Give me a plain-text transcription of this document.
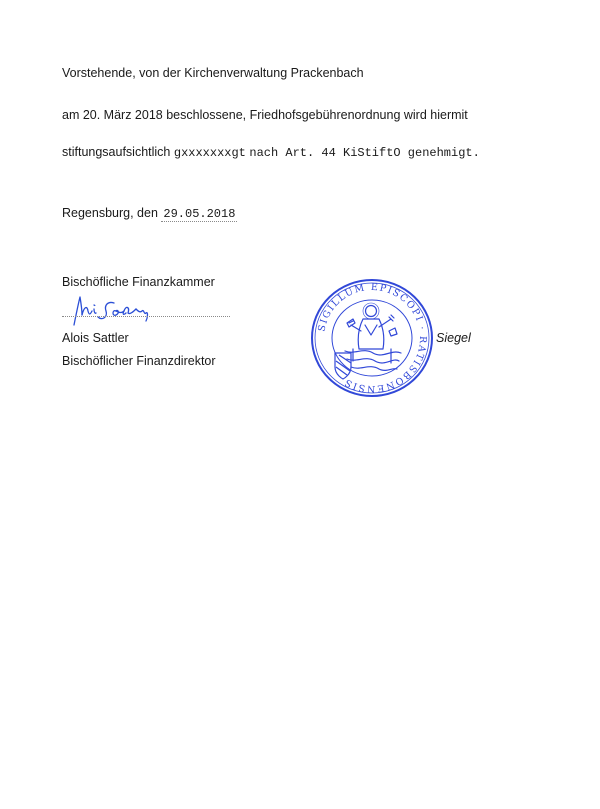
Vorstehende, von der Kirchenverwaltung Prackenbach
am 20. März 2018 beschlossene, Friedhofsgebührenordnung wird hiermit
stiftungsaufsichtlich gxxxxxxxgt nach Art. 44 KiStiftO genehmigt.
Regensburg, den 29.05.2018
Bischöfliche Finanzkammer
Alois Sattler
Bischöflicher Finanzdirektor
SIGILLUM EPISCOPI · RATISBONENSIS
Siegel
